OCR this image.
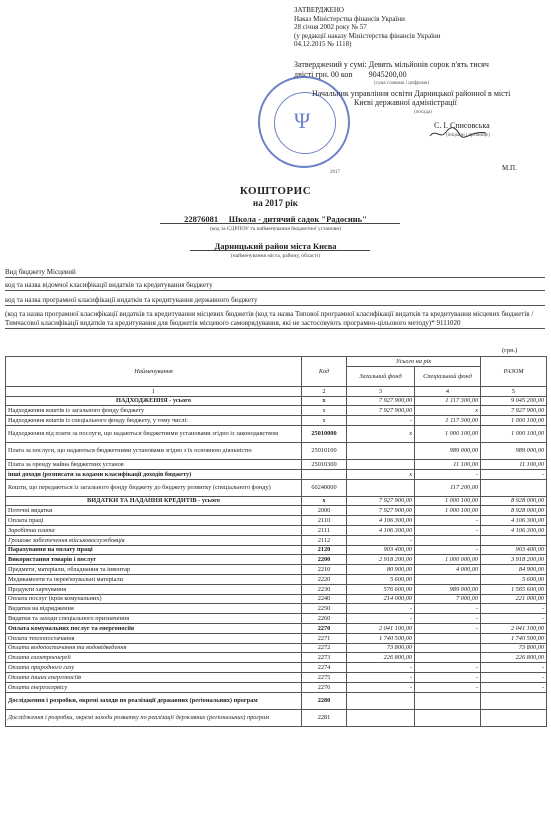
ЗАТВЕРДЖЕНО
Наказ Міністерства фінансів України
28 січня 2002 року № 57
(у редакції наказу Міністерства фінансів України
04.12.2015 № 1118)
Затверджений у сумі: Девять мільйонів сорок п'ять тисяч
двісті грн. 00 коп 9045200,00
(сума словами і цифрами)
Начальник управління освіти Дарницької районної в місті
Києві державної адміністрації
(посада)
С. І. Списовська
(ініціали і прізвище)
2017
М.П.
Ψ
КОШТОРИС
на 2017 рік
22876081 Школа - дитячий садок "Радосинь"
(код за ЄДРПОУ та найменування бюджетної установи)
Дарницький район міста Києва
(найменування міста, району, області)
Вид бюджету Місцевий
код та назва відомчої класифікації видатків та кредитування бюджету
код та назва програмної класифікації видатків та кредитування державного бюджету
(код та назва програмної класифікації видатків та кредитування місцевих бюджетів (код та назва Типової програмної класифікації видатків та кредитування місцевих бюджетів / Тимчасової класифікації видатків та кредитування для бюджетів місцевого самоврядування, які не застосовують програмно-цільового методу)* 9111020
(грн.)
Найменування	Код	Усього на рік		РАЗОМ
		Загальний фонд	Спеціальний фонд	
1	2	3	4	5
НАДХОДЖЕННЯ - усього	х	7 927 900,00	1 117 300,00	9 045 200,00
Надходження коштів із загального фонду бюджету	х	7 927 900,00	х	7 927 900,00
Надходження коштів із спеціального фонду бюджету, у тому числі:	х	-	1 117 300,00	1 000 100,00
Надходження від плати за послуги, що надаються бюджетними установами згідно із законодавством	25010000	х	1 000 100,00	1 000 100,00
Плата за послуги, що надаються бюджетними установами згідно з їх основною діяльністю	25010100		989 000,00	989 000,00
Плата за оренду майна бюджетних установ	25010300		11 100,00	11 100,00
інші доходи (розписати за кодами класифікації доходів бюджету)		х	-	-
Кошти, що передаються із загального фонду бюджету до бюджету розвитку (спеціального фонду)	60240000		117 200,00	
ВИДАТКИ ТА НАДАННЯ КРЕДИТІВ - усього	х	7 927 900,00	1 000 100,00	8 928 000,00
Поточні видатки	2000	7 927 900,00	1 000 100,00	8 928 000,00
Оплата праці	2110	4 106 300,00	-	4 106 300,00
Заробітна плата	2111	4 106 300,00	-	4 106 300,00
Грошове забезпечення військовослужбовців	2112	-		
Нарахування на оплату праці	2120	903 400,00	-	903 400,00
Використання товарів і послуг	2200	2 918 200,00	1 000 000,00	3 918 200,00
Предмети, матеріали, обладнання та інвентар	2210	80 900,00	4 000,00	84 900,00
Медикаменти та перев'язувальні матеріали	2220	5 600,00		5 600,00
Продукти харчування	2230	576 600,00	989 000,00	1 565 600,00
Оплата послуг (крім комунальних)	2240	214 000,00	7 000,00	221 000,00
Видатки на відрядження	2250	-	-	-
Видатки та заходи спеціального призначення	2260	-	-	-
Оплата комунальних послуг та енергоносіїв	2270	2 041 100,00	-	2 041 100,00
Оплата теплопостачання	2271	1 740 500,00		1 740 500,00
Оплата водопостачання та водовідведення	2272	73 800,00		73 800,00
Оплата електроенергії	2273	226 800,00		226 800,00
Оплата природного газу	2274	-	-	-
Оплата інших енергоносіїв	2275	-	-	-
Оплата енергосервісу	2276	-	-	-
Дослідження і розробки, окремі заходи по реалізації державних (регіональних) програм	2280			
Дослідження і розробки, окремі заходи розвитку по реалізації державних (регіональних) програм	2281			
